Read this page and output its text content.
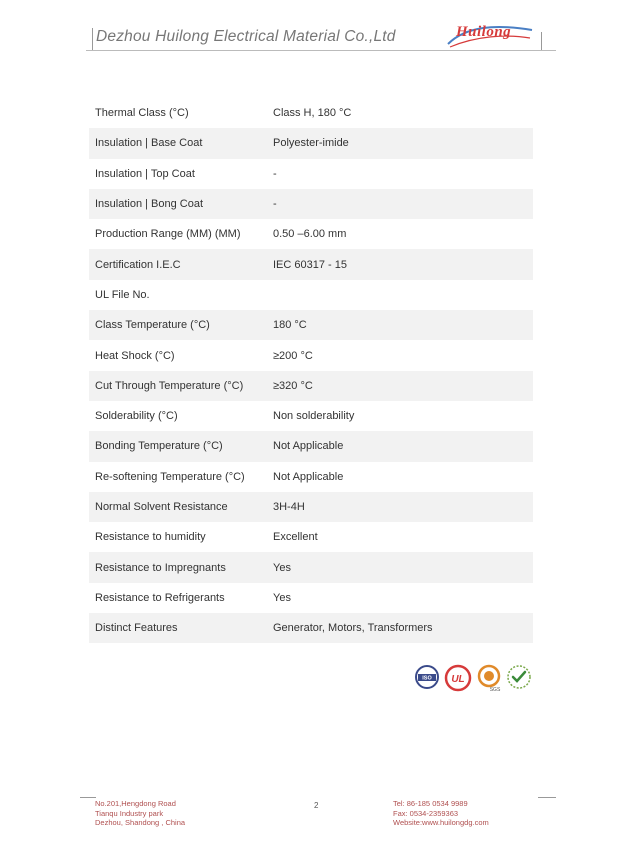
Dezhou Huilong Electrical Material Co.,Ltd	Huilong
Thermal Class (°C)	Class H, 180 °C
Insulation | Base Coat	Polyester-imide
Insulation | Top Coat	-
Insulation | Bong Coat	-
Production Range (MM) (MM)	0.50 –6.00 mm
Certification I.E.C	IEC 60317 - 15
UL File No.	
Class Temperature (°C)	180 °C
Heat Shock (°C)	≥200 °C
Cut Through Temperature (°C)	≥320 °C
Solderability (°C)	Non solderability
Bonding Temperature (°C)	Not Applicable
Re-softening Temperature (°C)	Not Applicable
Normal Solvent Resistance	3H-4H
Resistance to humidity	Excellent
Resistance to Impregnants	Yes
Resistance to Refrigerants	Yes
Distinct Features	Generator, Motors, Transformers
ISO UL
SGS
No.201,Hengdong Road
Tianqu Industry park
Dezhou, Shandong , China
2	Tel: 86-185 0534 9989
Fax: 0534-2359363
Website:www.huilongdg.com
